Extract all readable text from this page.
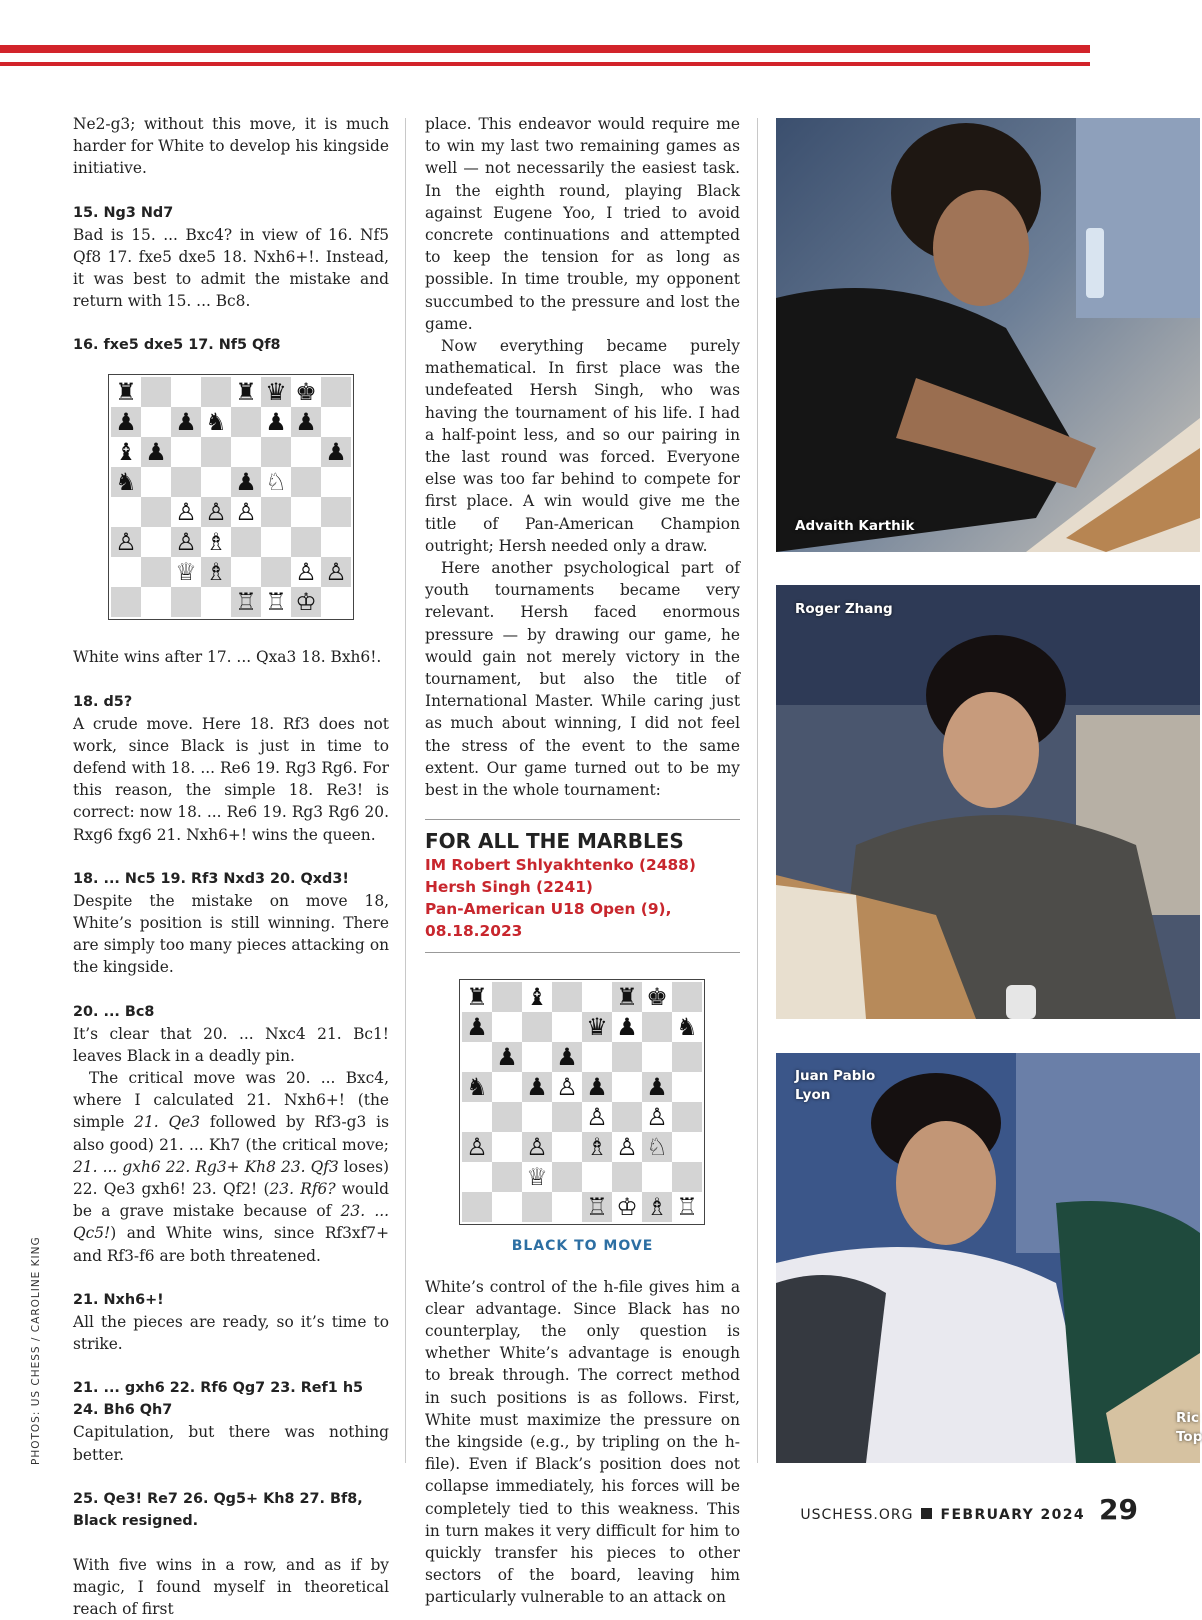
Ne2-g3; without this move, it is much harder for White to develop his kingside initiative.

15. Ng3 Nd7

Bad is 15. ... Bxc4? in view of 16. Nf5 Qf8 17. fxe5 dxe5 18. Nxh6+!. Instead, it was best to admit the mistake and return with 15. ... Bc8.

16. fxe5 dxe5 17. Nf5 Qf8

♜	♜ ♛ ♚
♟ ♟ ♞ ♟ ♟
♝ ♟	♟
♞	♟ ♘
♙ ♙ ♙
♙ ♙ ♗
♕ ♗	♙ ♙
♖ ♖ ♔

White wins after 17. ... Qxa3 18. Bxh6!.

18. d5?

A crude move. Here 18. Rf3 does not work, since Black is just in time to defend with 18. ... Re6 19. Rg3 Rg6. For this reason, the simple 18. Re3! is correct: now 18. ... Re6 19. Rg3 Rg6 20. Rxg6 fxg6 21. Nxh6+! wins the queen.

18. ... Nc5 19. Rf3 Nxd3 20. Qxd3!

Despite the mistake on move 18, White’s position is still winning. There are simply too many pieces attacking on the kingside.

20. ... Bc8

It’s clear that 20. ... Nxc4 21. Bc1! leaves Black in a deadly pin.

The critical move was 20. ... Bxc4, where I calculated 21. Nxh6+! (the simple 21. Qe3 followed by Rf3-g3 is also good) 21. ... Kh7 (the critical move; 21. ... gxh6 22. Rg3+ Kh8 23. Qf3 loses) 22. Qe3 gxh6! 23. Qf2! (23. Rf6? would be a grave mistake because of 23. ... Qc5!) and White wins, since Rf3xf7+ and Rf3-f6 are both threatened.

21. Nxh6+!

All the pieces are ready, so it’s time to strike.

21. ... gxh6 22. Rf6 Qg7 23. Ref1 h5 24. Bh6 Qh7

Capitulation, but there was nothing better.

25. Qe3! Re7 26. Qg5+ Kh8 27. Bf8, Black resigned.

With five wins in a row, and as if by magic, I found myself in theoretical reach of first

place. This endeavor would require me to win my last two remaining games as well — not necessarily the easiest task. In the eighth round, playing Black against Eugene Yoo, I tried to avoid concrete continuations and attempted to keep the tension for as long as possible. In time trouble, my opponent succumbed to the pressure and lost the game.

Now everything became purely mathematical. In first place was the undefeated Hersh Singh, who was having the tournament of his life. I had a half-point less, and so our pairing in the last round was forced. Everyone else was too far behind to compete for first place. A win would give me the title of Pan-American Champion outright; Hersh needed only a draw.

Here another psychological part of youth tournaments became very relevant. Hersh faced enormous pressure — by drawing our game, he would gain not merely victory in the tournament, but also the title of International Master. While caring just as much about winning, I did not feel the stress of the event to the same extent. Our game turned out to be my best in the whole tournament:

FOR ALL THE MARBLES

IM Robert Shlyakhtenko (2488)

Hersh Singh (2241)

Pan-American U18 Open (9),

08.18.2023

♜ ♝	♜ ♚
♟	♛ ♟ ♞
♟ ♟
♞ ♟ ♙ ♟ ♟
♙ ♙
♙ ♙ ♗ ♙ ♘
♕
♖ ♔ ♗ ♖

BLACK TO MOVE

White’s control of the h-file gives him a clear advantage. Since Black has no counterplay, the only question is whether White’s advantage is enough to break through. The correct method in such positions is as follows. First, White must maximize the pressure on the kingside (e.g., by tripling on the h-file). Even if Black’s position does not collapse immediately, his forces will be completely tied to this weakness. This in turn makes it very difficult for him to quickly transfer his pieces to other sectors of the board, leaving him particularly vulnerable to an attack on

Advaith Karthik
Roger Zhang
Juan Pablo
Lyon
Ric
Top
PHOTOS: US CHESS / CAROLINE KING
USCHESS.ORG FEBRUARY 2024 29
